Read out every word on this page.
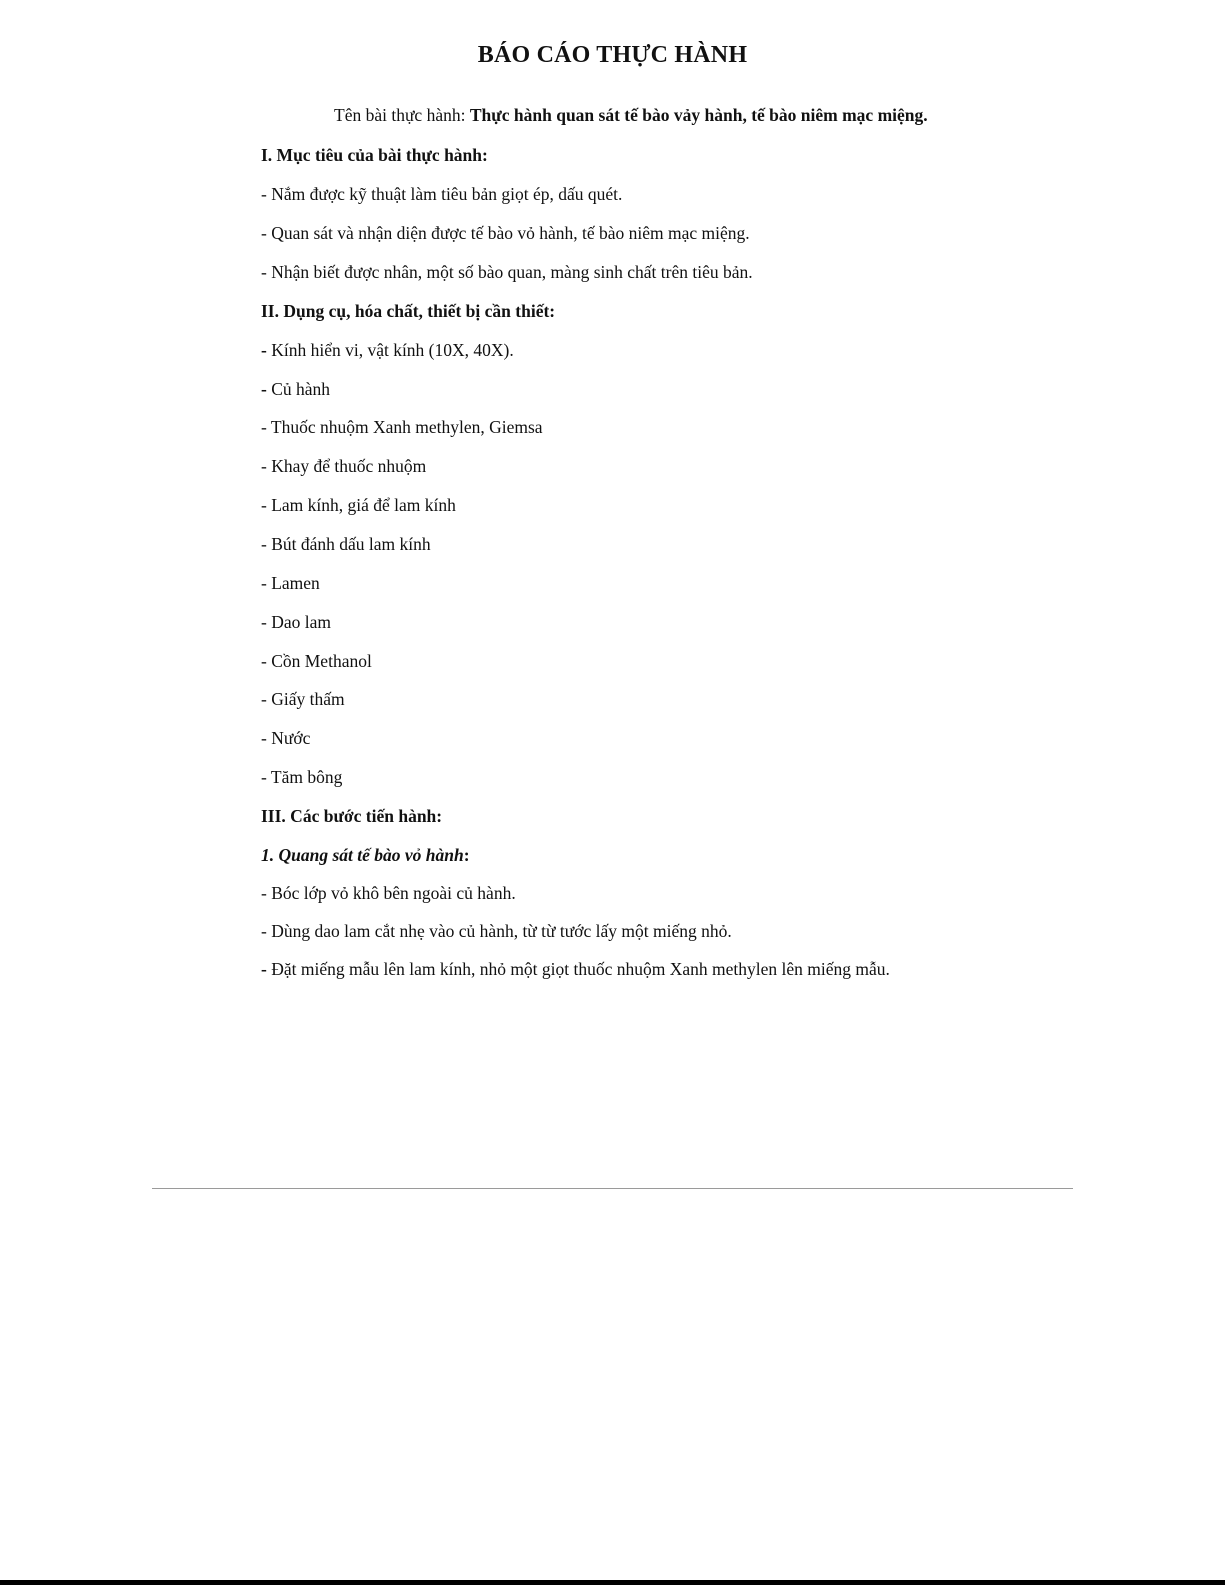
BÁO CÁO THỰC HÀNH

Tên bài thực hành: Thực hành quan sát tế bào vảy hành, tế bào niêm mạc miệng.

I. Mục tiêu của bài thực hành:

- Nắm được kỹ thuật làm tiêu bản giọt ép, dấu quét.

- Quan sát và nhận diện được tế bào vỏ hành, tế bào niêm mạc miệng.

- Nhận biết được nhân, một số bào quan, màng sinh chất trên tiêu bản.

II. Dụng cụ, hóa chất, thiết bị cần thiết:

- Kính hiển vi, vật kính (10X, 40X).

- Củ hành

- Thuốc nhuộm Xanh methylen, Giemsa

- Khay để thuốc nhuộm

- Lam kính, giá để lam kính

- Bút đánh dấu lam kính

- Lamen

- Dao lam

- Cồn Methanol

- Giấy thấm

- Nước

- Tăm bông

III. Các bước tiến hành:

1. Quang sát tế bào vỏ hành:

- Bóc lớp vỏ khô bên ngoài củ hành.

- Dùng dao lam cắt nhẹ vào củ hành, từ từ tước lấy một miếng nhỏ.

- Đặt miếng mẫu lên lam kính, nhỏ một giọt thuốc nhuộm Xanh methylen lên miếng mẫu.
